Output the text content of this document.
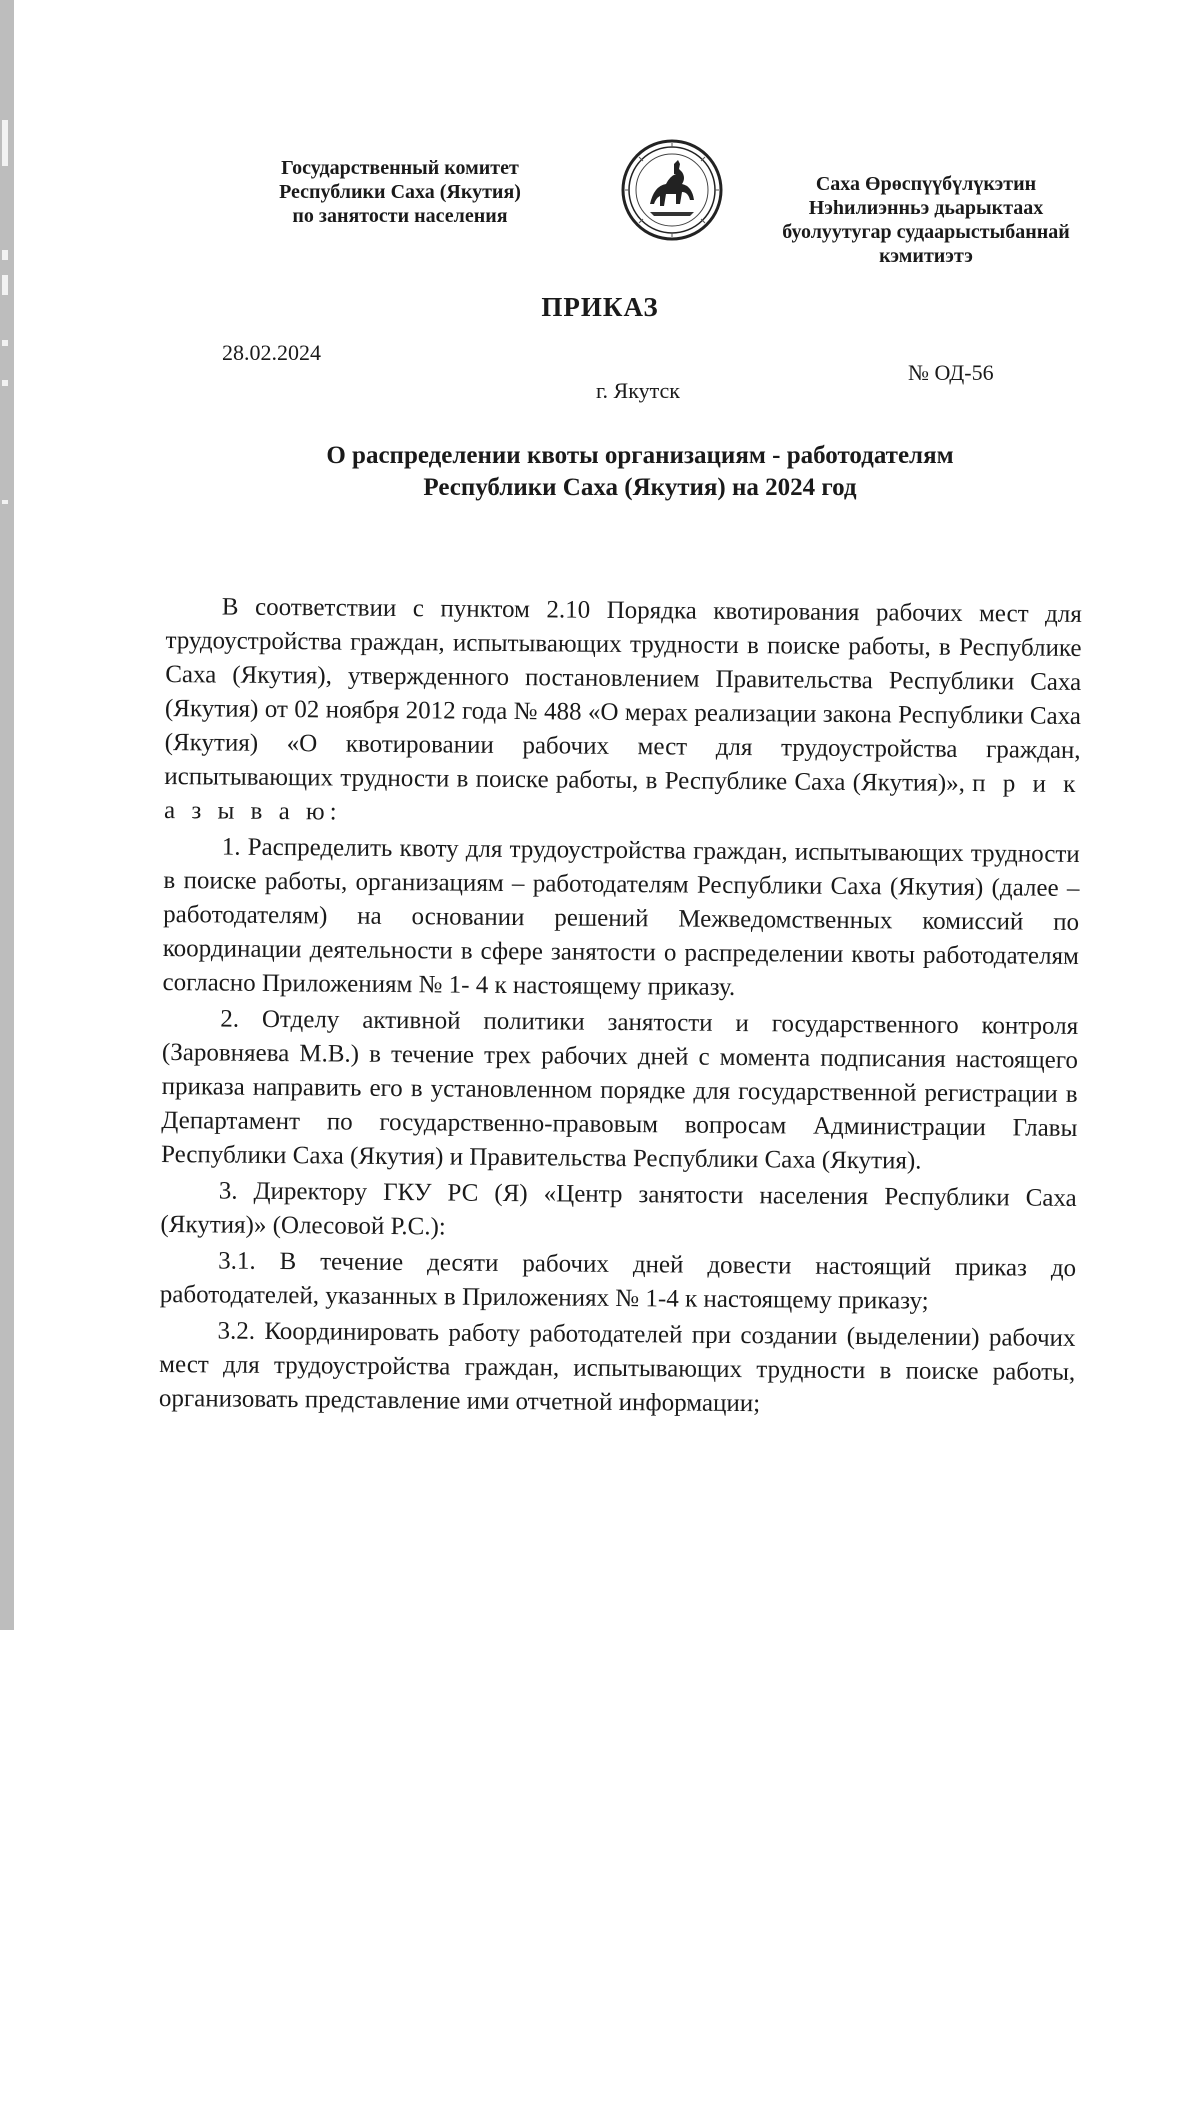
Государственный комитет
Республики Саха (Якутия)
по занятости населения
Саха Өрөспүүбүлүкэтин
Нэһилиэнньэ дьарыктаах
буолуутугар судаарыстыбаннай
кэмитиэтэ
ПРИКАЗ
28.02.2024
№ ОД-56
г. Якутск
О распределении квоты организациям - работодателям
Республики Саха (Якутия) на 2024 год

В соответствии с пунктом 2.10 Порядка квотирования рабочих мест для трудоустройства граждан, испытывающих трудности в поиске работы, в Республике Саха (Якутия), утвержденного постановлением Правительства Республики Саха (Якутия) от 02 ноября 2012 года № 488 «О мерах реализации закона Республики Саха (Якутия) «О квотировании рабочих мест для трудоустройства граждан, испытывающих трудности в поиске работы, в Республике Саха (Якутия)», п р и к а з ы в а ю:

1. Распределить квоту для трудоустройства граждан, испытывающих трудности в поиске работы, организациям – работодателям Республики Саха (Якутия) (далее – работодателям) на основании решений Межведомственных комиссий по координации деятельности в сфере занятости о распределении квоты работодателям согласно Приложениям № 1- 4 к настоящему приказу.

2. Отделу активной политики занятости и государственного контроля (Заровняева М.В.) в течение трех рабочих дней с момента подписания настоящего приказа направить его в установленном порядке для государственной регистрации в Департамент по государственно-правовым вопросам Администрации Главы Республики Саха (Якутия) и Правительства Республики Саха (Якутия).

3. Директору ГКУ РС (Я) «Центр занятости населения Республики Саха (Якутия)» (Олесовой Р.С.):

3.1. В течение десяти рабочих дней довести настоящий приказ до работодателей, указанных в Приложениях № 1-4 к настоящему приказу;

3.2. Координировать работу работодателей при создании (выделении) рабочих мест для трудоустройства граждан, испытывающих трудности в поиске работы, организовать представление ими отчетной информации;
